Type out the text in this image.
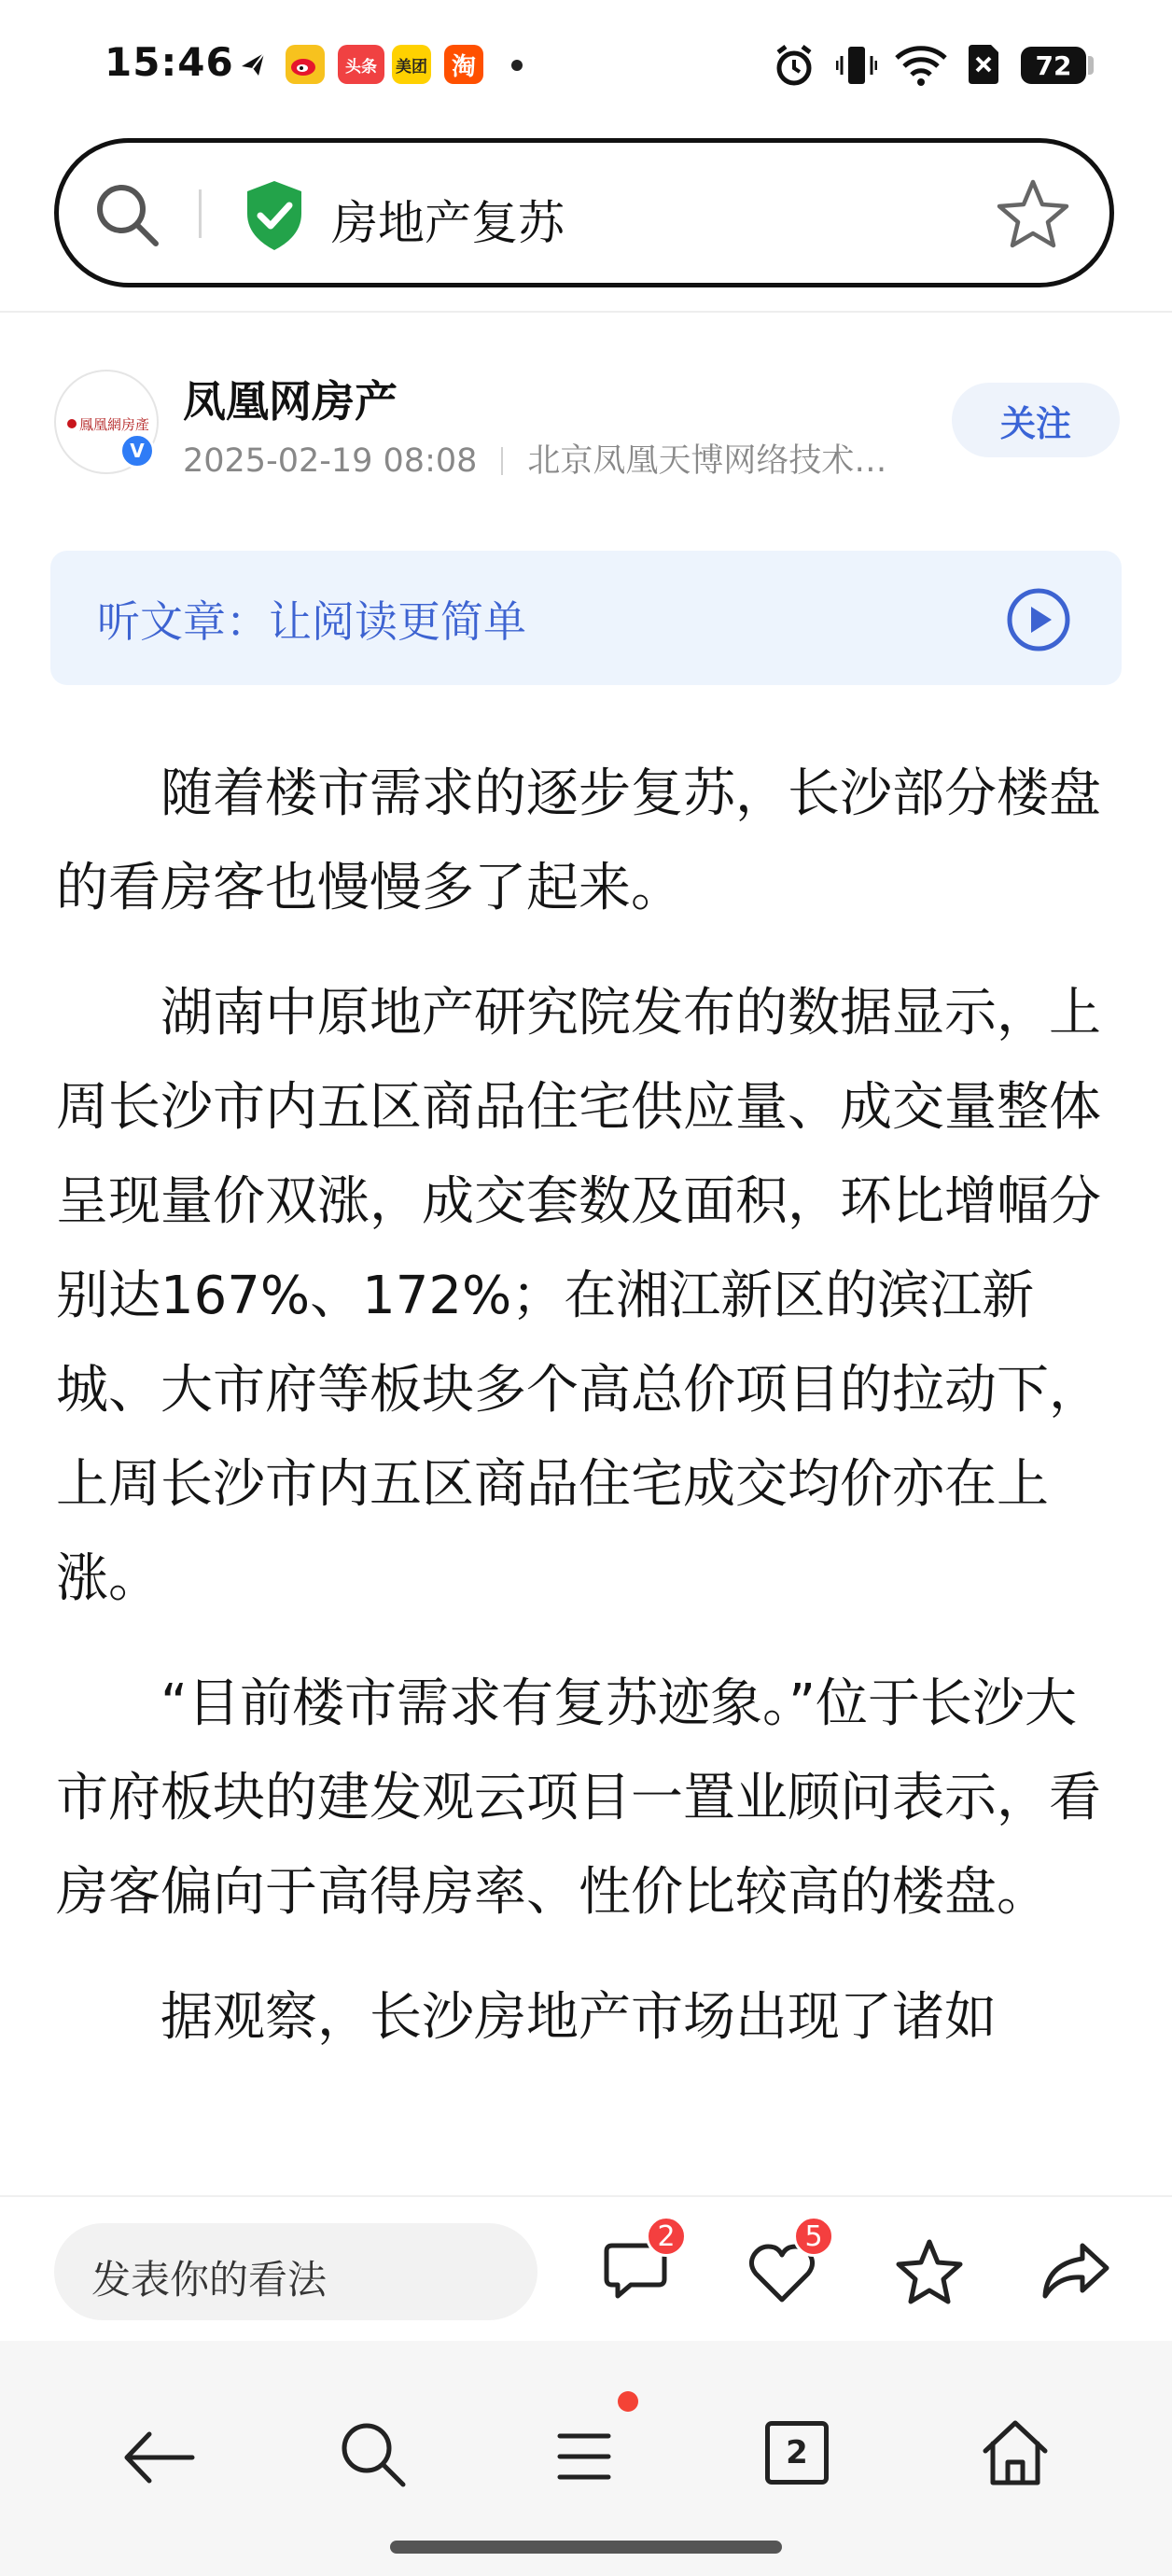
15:46	头条	美团 淘	72
房地产复苏
鳳凰網房產
V
凤凰网房产
2025-02-19 08:08 北京凤凰天博网络技术…
关注
听文章：让阅读更简单

随着楼市需求的逐步复苏，长沙部分楼盘的看房客也慢慢多了起来。

湖南中原地产研究院发布的数据显示，上周长沙市内五区商品住宅供应量、成交量整体呈现量价双涨，成交套数及面积，环比增幅分别达167%、172%；在湘江新区的滨江新城、大市府等板块多个高总价项目的拉动下，上周长沙市内五区商品住宅成交均价亦在上涨。

“目前楼市需求有复苏迹象。”位于长沙大市府板块的建发观云项目一置业顾问表示，看房客偏向于高得房率、性价比较高的楼盘。

据观察，长沙房地产市场出现了诸如

发表你的看法
2	5
2
